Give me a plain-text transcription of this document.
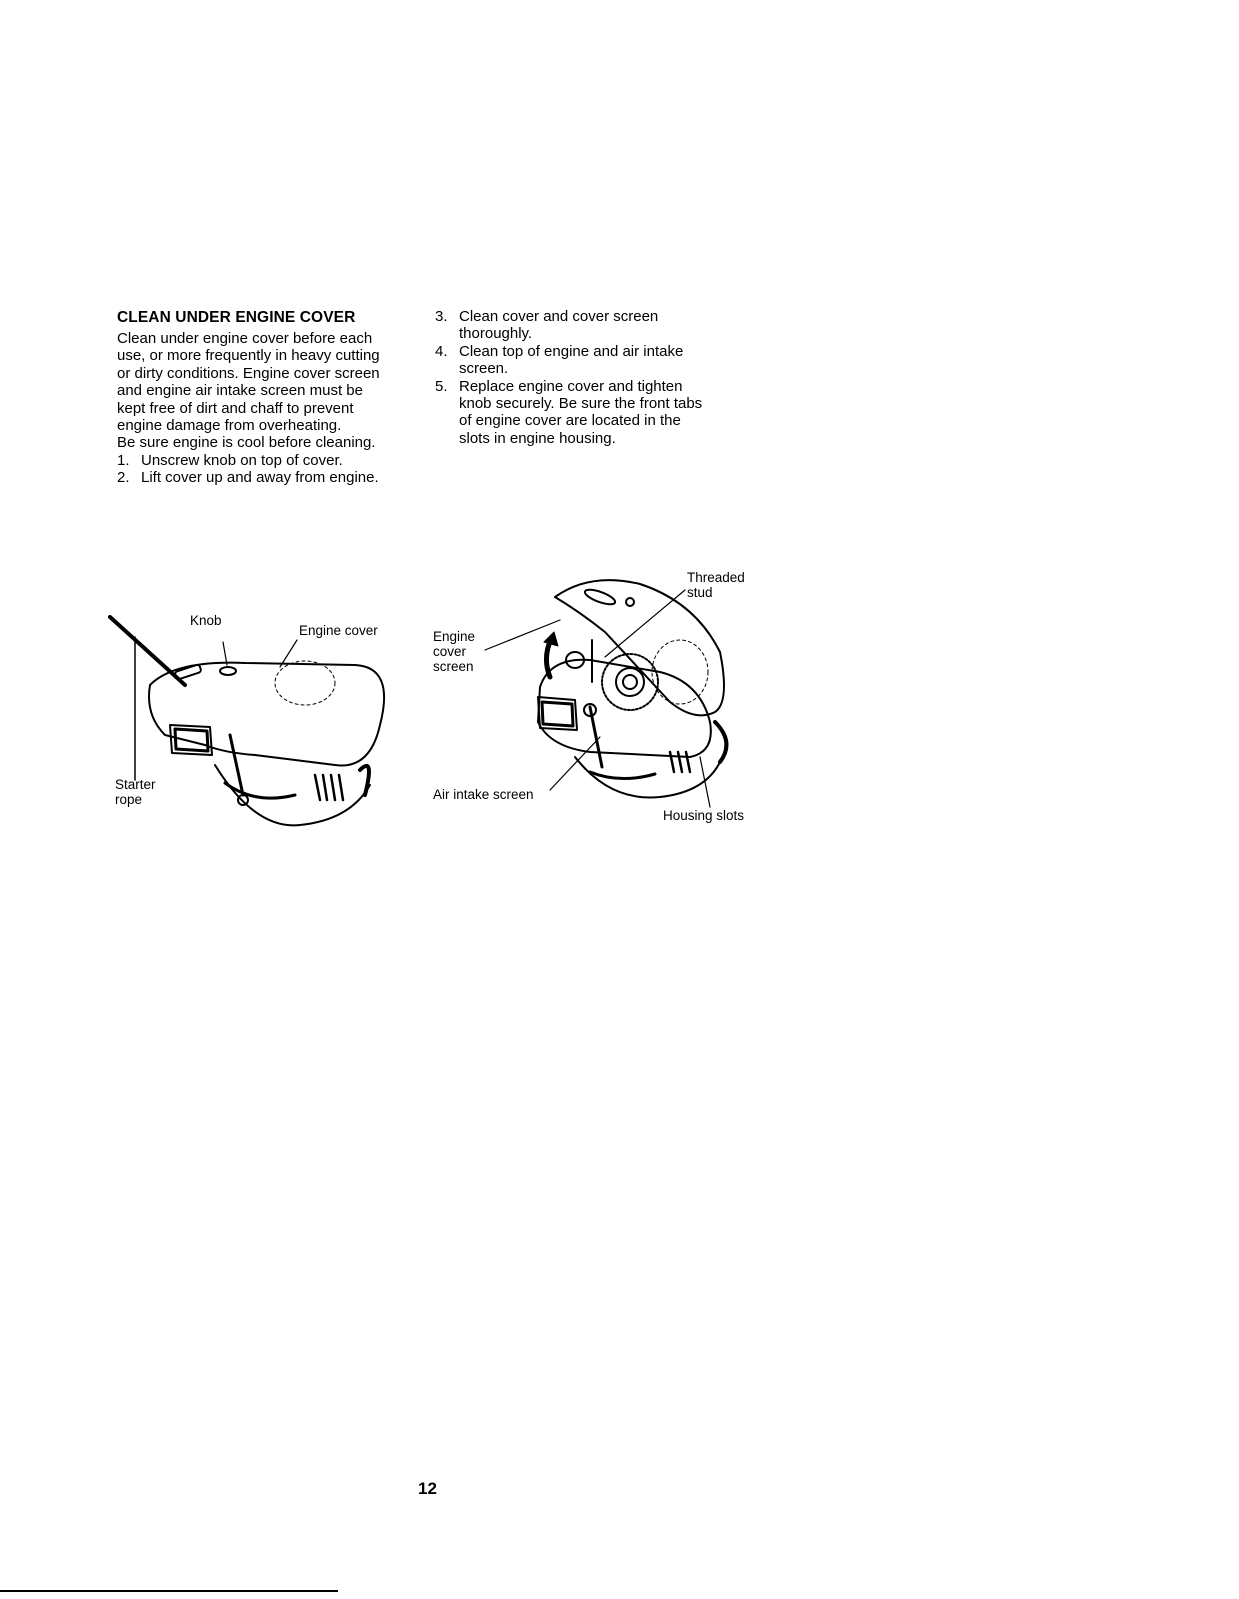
CLEAN UNDER ENGINE COVER

Clean under engine cover before each
use, or more frequently in heavy cutting
or dirty conditions. Engine cover screen
and engine air intake screen must be
kept free of dirt and chaff to prevent
engine damage from overheating.
Be sure engine is cool before cleaning.

1. Unscrew knob on top of cover.
2. Lift cover up and away from engine.
3. Clean cover and cover screen
thoroughly.
4. Clean top of engine and air intake
screen.
5. Replace engine cover and tighten
knob securely. Be sure the front tabs
of engine cover are located in the
slots in engine housing.
Knob
Engine cover
Starter
rope
Threaded
stud
Engine
cover
screen
Air intake screen
Housing slots
12
